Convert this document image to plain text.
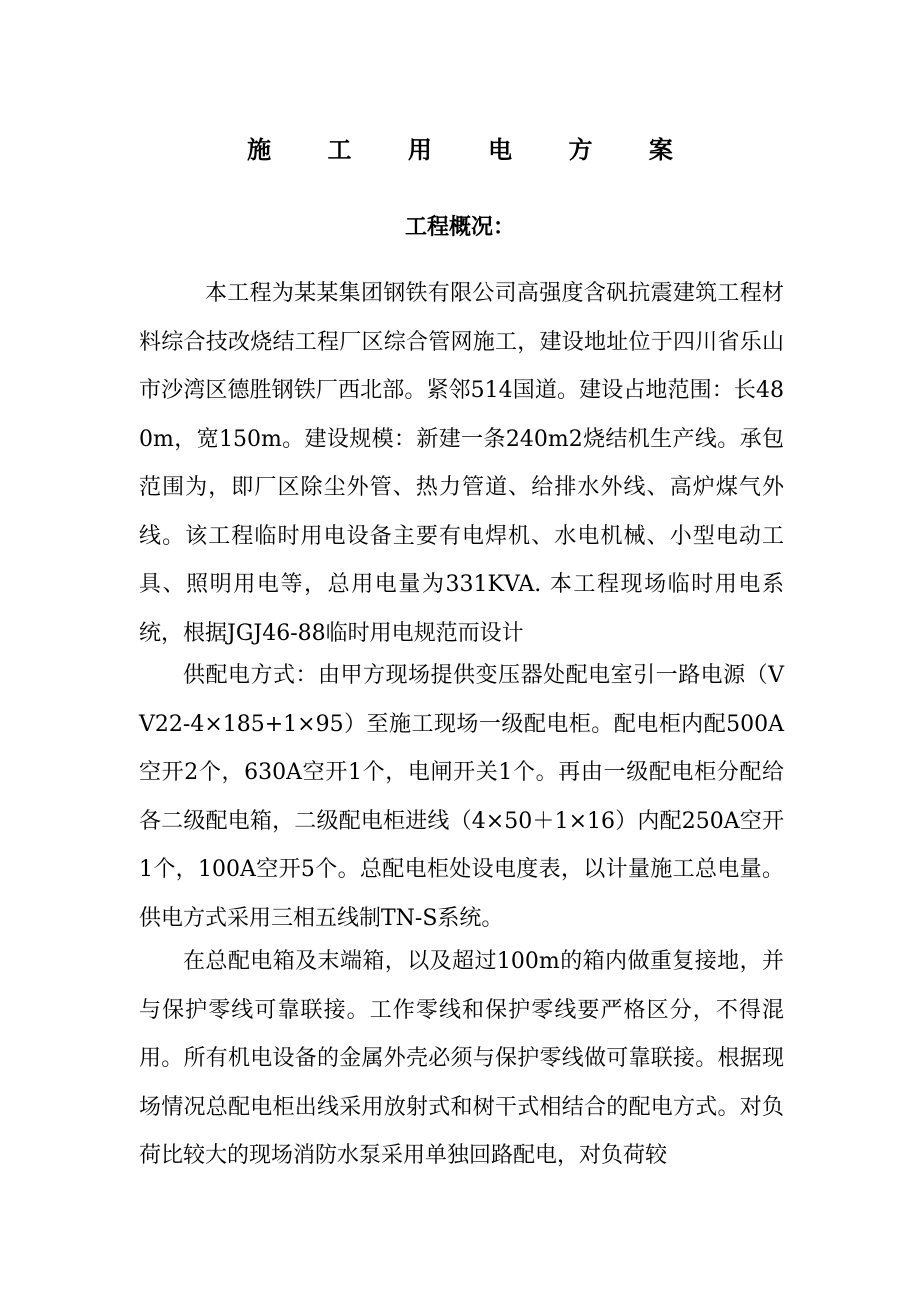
施 工 用 电 方 案
工程概况：

本工程为某某集团钢铁有限公司高强度含矾抗震建筑工程材料综合技改烧结工程厂区综合管网施工，建设地址位于四川省乐山市沙湾区德胜钢铁厂西北部。紧邻514国道。建设占地范围：长480m，宽150m。建设规模：新建一条240m2烧结机生产线。承包范围为，即厂区除尘外管、热力管道、给排水外线、高炉煤气外线。该工程临时用电设备主要有电焊机、水电机械、小型电动工具、照明用电等，总用电量为331KVA. 本工程现场临时用电系统，根据JGJ46-88临时用电规范而设计

供配电方式：由甲方现场提供变压器处配电室引一路电源（VV22-4×185+1×95）至施工现场一级配电柜。配电柜内配500A空开2个，630A空开1个，电闸开关1个。再由一级配电柜分配给各二级配电箱，二级配电柜进线（4×50＋1×16）内配250A空开1个，100A空开5个。总配电柜处设电度表，以计量施工总电量。供电方式采用三相五线制TN-S系统。

在总配电箱及末端箱，以及超过100m的箱内做重复接地，并与保护零线可靠联接。工作零线和保护零线要严格区分，不得混用。所有机电设备的金属外壳必须与保护零线做可靠联接。根据现场情况总配电柜出线采用放射式和树干式相结合的配电方式。对负荷比较大的现场消防水泵采用单独回路配电，对负荷较
